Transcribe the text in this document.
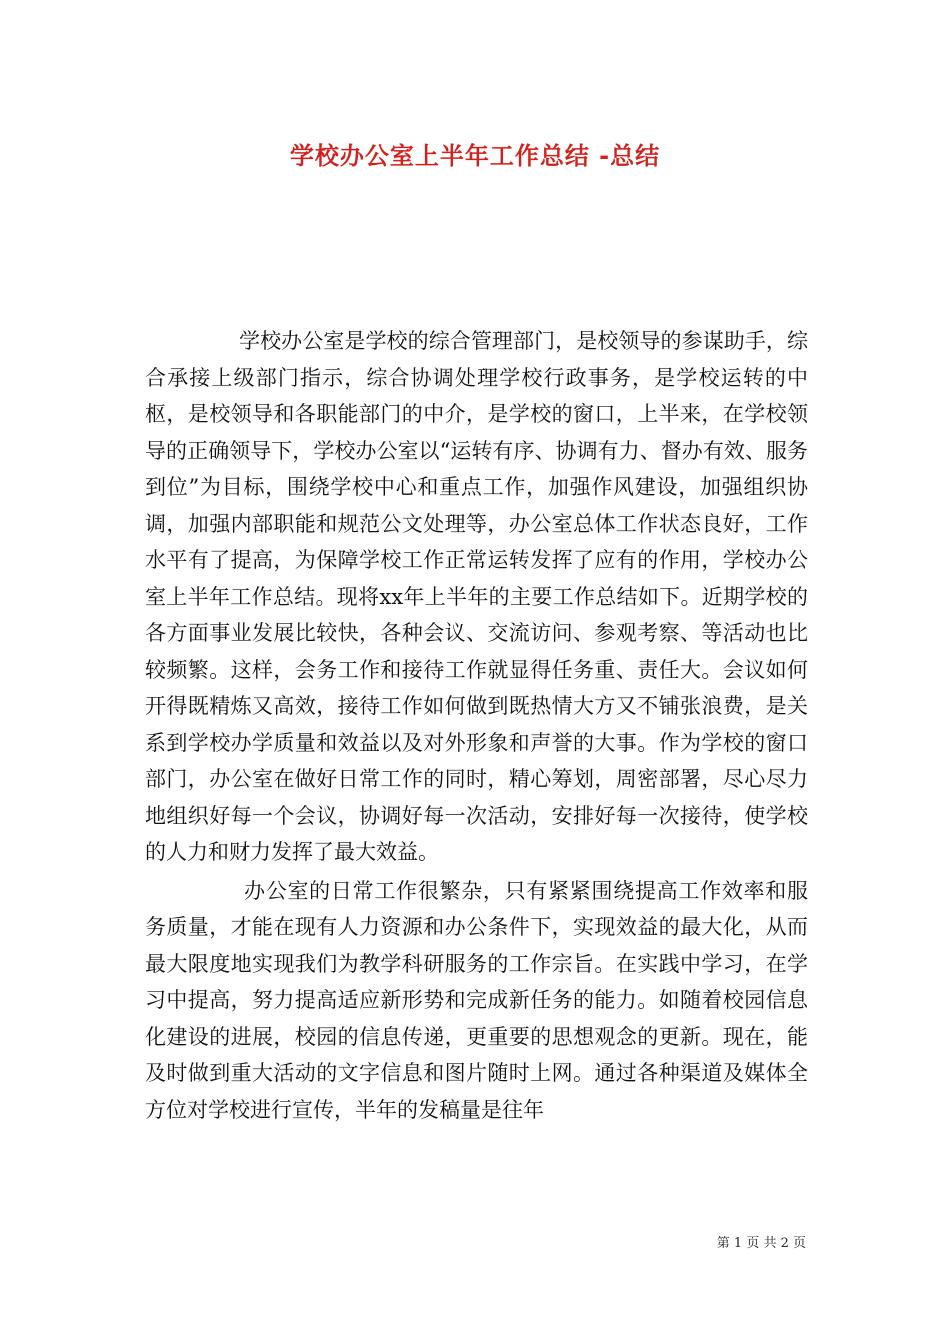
学校办公室上半年工作总结 -总结

学校办公室是学校的综合管理部门，是校领导的参谋助手，综合承接上级部门指示，综合协调处理学校行政事务，是学校运转的中枢，是校领导和各职能部门的中介，是学校的窗口，上半来，在学校领导的正确领导下，学校办公室以“运转有序、协调有力、督办有效、服务到位”为目标，围绕学校中心和重点工作，加强作风建设，加强组织协调，加强内部职能和规范公文处理等，办公室总体工作状态良好，工作水平有了提高，为保障学校工作正常运转发挥了应有的作用，学校办公室上半年工作总结。现将xx年上半年的主要工作总结如下。近期学校的各方面事业发展比较快，各种会议、交流访问、参观考察、等活动也比较频繁。这样，会务工作和接待工作就显得任务重、责任大。会议如何开得既精炼又高效，接待工作如何做到既热情大方又不铺张浪费，是关系到学校办学质量和效益以及对外形象和声誉的大事。作为学校的窗口部门，办公室在做好日常工作的同时，精心筹划，周密部署，尽心尽力地组织好每一个会议，协调好每一次活动，安排好每一次接待，使学校的人力和财力发挥了最大效益。

办公室的日常工作很繁杂，只有紧紧围绕提高工作效率和服务质量，才能在现有人力资源和办公条件下，实现效益的最大化，从而最大限度地实现我们为教学科研服务的工作宗旨。在实践中学习，在学习中提高，努力提高适应新形势和完成新任务的能力。如随着校园信息化建设的进展，校园的信息传递，更重要的思想观念的更新。现在，能及时做到重大活动的文字信息和图片随时上网。通过各种渠道及媒体全方位对学校进行宣传，半年的发稿量是往年

第 1 页 共 2 页
